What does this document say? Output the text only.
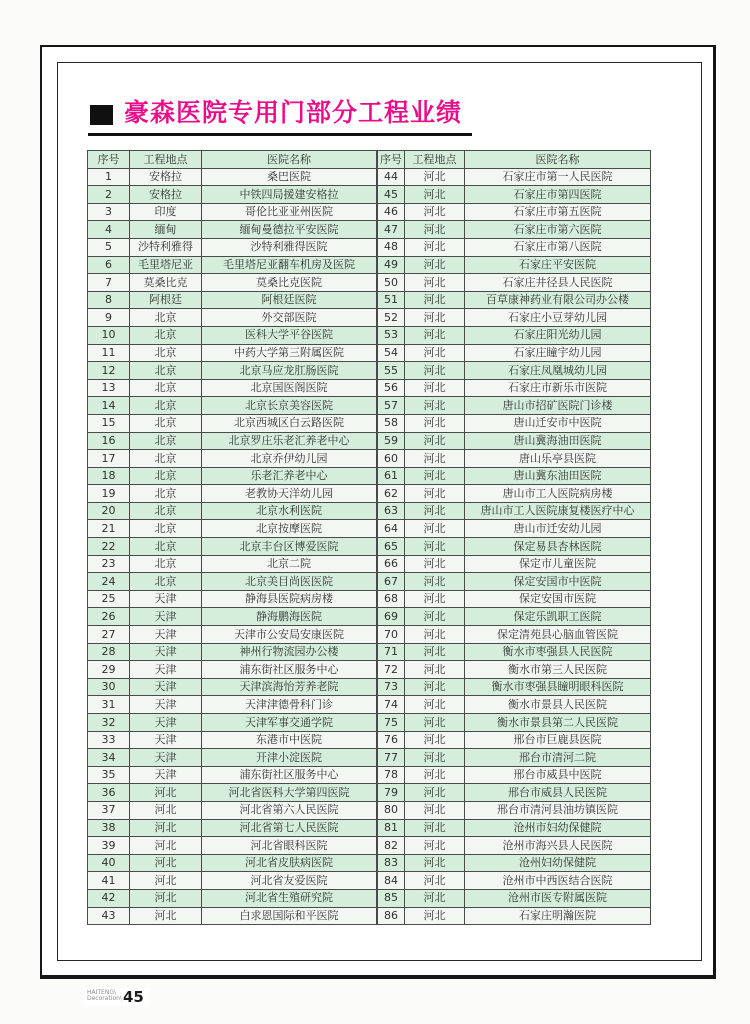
豪森医院专用门部分工程业绩
序号	工程地点	医院名称
1	安格拉	桑巴医院
2	安格拉	中铁四局援建安格拉
3	印度	哥伦比亚亚州医院
4	缅甸	缅甸曼德拉平安医院
5	沙特利雅得	沙特利雅得医院
6	毛里塔尼亚	毛里塔尼亚翻车机房及医院
7	莫桑比克	莫桑比克医院
8	阿根廷	阿根廷医院
9	北京	外交部医院
10	北京	医科大学平谷医院
11	北京	中药大学第三附属医院
12	北京	北京马应龙肛肠医院
13	北京	北京国医阁医院
14	北京	北京长京美容医院
15	北京	北京西城区白云路医院
16	北京	北京罗庄乐老汇养老中心
17	北京	北京乔伊幼儿园
18	北京	乐老汇养老中心
19	北京	老教协天洋幼儿园
20	北京	北京水利医院
21	北京	北京按摩医院
22	北京	北京丰台区博爱医院
23	北京	北京二院
24	北京	北京美目尚医医院
25	天津	静海县医院病房楼
26	天津	静海鹏海医院
27	天津	天津市公安局安康医院
28	天津	神州行物流园办公楼
29	天津	浦东街社区服务中心
30	天津	天津滨海怡芳养老院
31	天津	天津津德骨科门诊
32	天津	天津军事交通学院
33	天津	东港市中医院
34	天津	开津小淀医院
35	天津	浦东街社区服务中心
36	河北	河北省医科大学第四医院
37	河北	河北省第六人民医院
38	河北	河北省第七人民医院
39	河北	河北省眼科医院
40	河北	河北省皮肤病医院
41	河北	河北省友爱医院
42	河北	河北省生殖研究院
43	河北	白求恩国际和平医院
序号	工程地点	医院名称
44	河北	石家庄市第一人民医院
45	河北	石家庄市第四医院
46	河北	石家庄市第五医院
47	河北	石家庄市第六医院
48	河北	石家庄市第八医院
49	河北	石家庄平安医院
50	河北	石家庄井径县人民医院
51	河北	百草康神药业有限公司办公楼
52	河北	石家庄小豆芽幼儿园
53	河北	石家庄阳光幼儿园
54	河北	石家庄瞳宇幼儿园
55	河北	石家庄凤凰城幼儿园
56	河北	石家庄市新乐市医院
57	河北	唐山市招矿医院门诊楼
58	河北	唐山迁安市中医院
59	河北	唐山冀海油田医院
60	河北	唐山乐亭县医院
61	河北	唐山冀东油田医院
62	河北	唐山市工人医院病房楼
63	河北	唐山市工人医院康复楼医疗中心
64	河北	唐山市迁安幼儿园
65	河北	保定易县杏林医院
66	河北	保定市儿童医院
67	河北	保定安国市中医院
68	河北	保定安国市医院
69	河北	保定乐凯职工医院
70	河北	保定清苑县心脑血管医院
71	河北	衡水市枣强县人民医院
72	河北	衡水市第三人民医院
73	河北	衡水市枣强县瞳明眼科医院
74	河北	衡水市景县人民医院
75	河北	衡水市景县第二人民医院
76	河北	邢台市巨鹿县医院
77	河北	邢台市清河二院
78	河北	邢台市威县中医院
79	河北	邢台市威县人民医院
80	河北	邢台市清河县油坊镇医院
81	河北	沧州市妇幼保健院
82	河北	沧州市海兴县人民医院
83	河北	沧州妇幼保健院
84	河北	沧州市中西医结合医院
85	河北	沧州市医专附属医院
86	河北	石家庄明瀚医院
HAITENG\
Decoration\ 45
